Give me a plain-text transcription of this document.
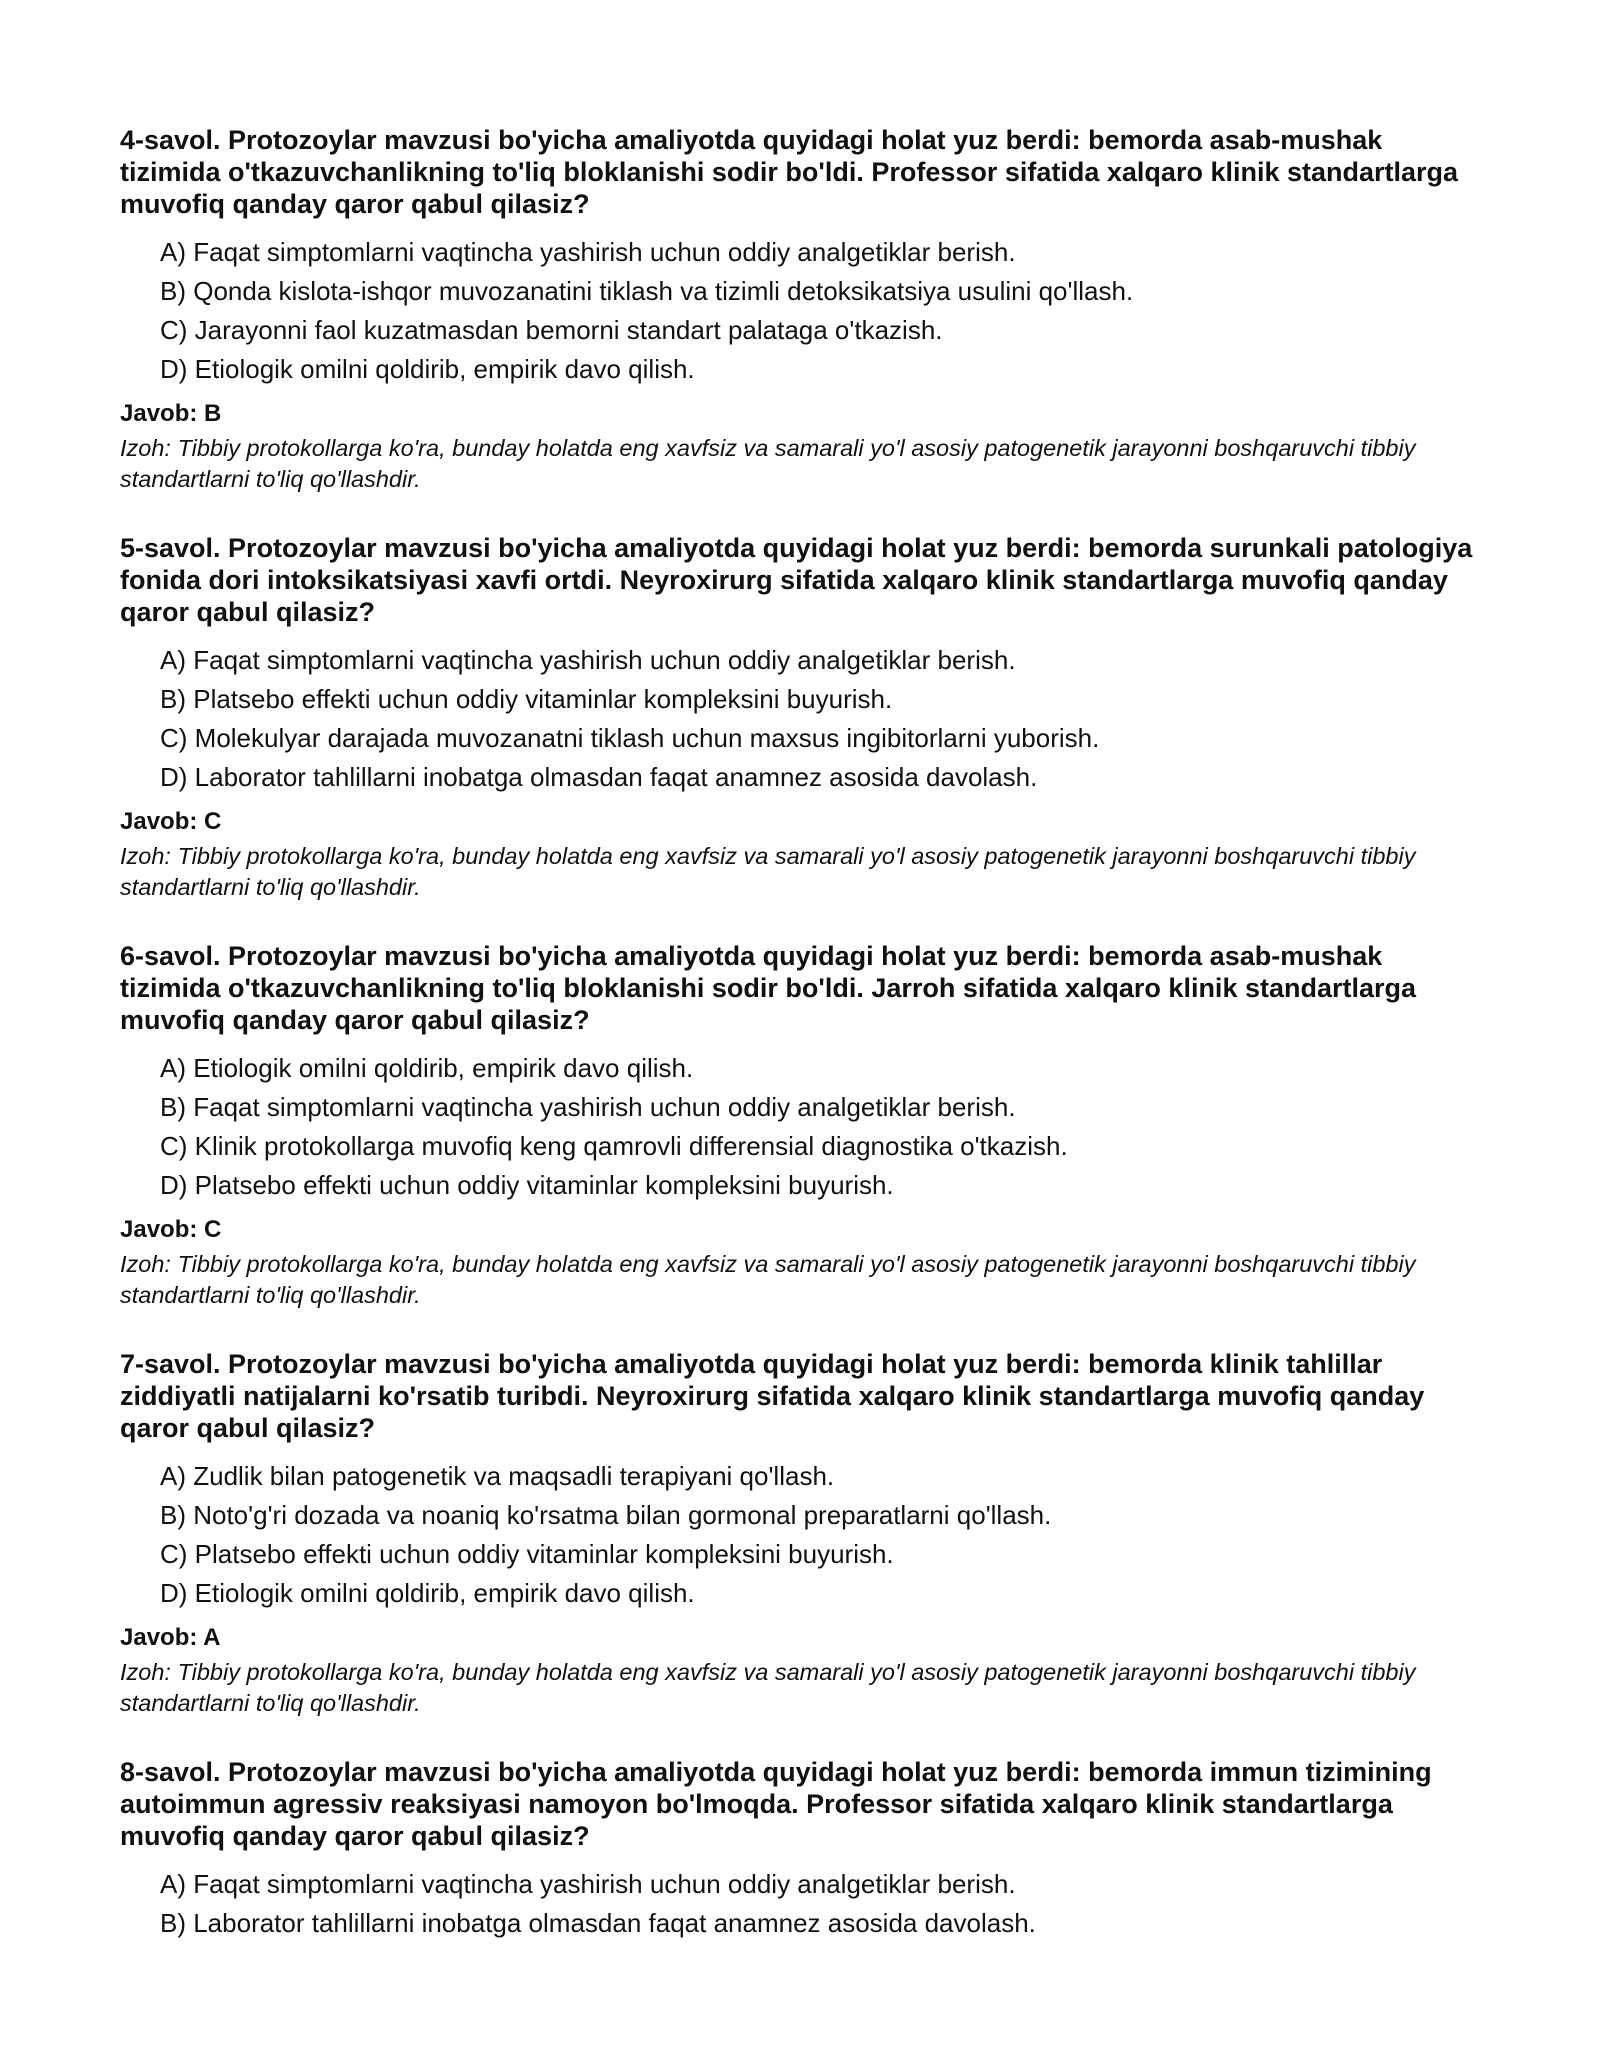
4-savol. Protozoylar mavzusi bo'yicha amaliyotda quyidagi holat yuz berdi: bemorda asab-mushak tizimida o'tkazuvchanlikning to'liq bloklanishi sodir bo'ldi. Professor sifatida xalqaro klinik standartlarga muvofiq qanday qaror qabul qilasiz?

A) Faqat simptomlarni vaqtincha yashirish uchun oddiy analgetiklar berish.
B) Qonda kislota-ishqor muvozanatini tiklash va tizimli detoksikatsiya usulini qo'llash.
C) Jarayonni faol kuzatmasdan bemorni standart palataga o'tkazish.
D) Etiologik omilni qoldirib, empirik davo qilish.

Javob: B

Izoh: Tibbiy protokollarga ko'ra, bunday holatda eng xavfsiz va samarali yo'l asosiy patogenetik jarayonni boshqaruvchi tibbiy standartlarni to'liq qo'llashdir.

5-savol. Protozoylar mavzusi bo'yicha amaliyotda quyidagi holat yuz berdi: bemorda surunkali patologiya fonida dori intoksikatsiyasi xavfi ortdi. Neyroxirurg sifatida xalqaro klinik standartlarga muvofiq qanday qaror qabul qilasiz?

A) Faqat simptomlarni vaqtincha yashirish uchun oddiy analgetiklar berish.
B) Platsebo effekti uchun oddiy vitaminlar kompleksini buyurish.
C) Molekulyar darajada muvozanatni tiklash uchun maxsus ingibitorlarni yuborish.
D) Laborator tahlillarni inobatga olmasdan faqat anamnez asosida davolash.

Javob: C

Izoh: Tibbiy protokollarga ko'ra, bunday holatda eng xavfsiz va samarali yo'l asosiy patogenetik jarayonni boshqaruvchi tibbiy standartlarni to'liq qo'llashdir.

6-savol. Protozoylar mavzusi bo'yicha amaliyotda quyidagi holat yuz berdi: bemorda asab-mushak tizimida o'tkazuvchanlikning to'liq bloklanishi sodir bo'ldi. Jarroh sifatida xalqaro klinik standartlarga muvofiq qanday qaror qabul qilasiz?

A) Etiologik omilni qoldirib, empirik davo qilish.
B) Faqat simptomlarni vaqtincha yashirish uchun oddiy analgetiklar berish.
C) Klinik protokollarga muvofiq keng qamrovli differensial diagnostika o'tkazish.
D) Platsebo effekti uchun oddiy vitaminlar kompleksini buyurish.

Javob: C

Izoh: Tibbiy protokollarga ko'ra, bunday holatda eng xavfsiz va samarali yo'l asosiy patogenetik jarayonni boshqaruvchi tibbiy standartlarni to'liq qo'llashdir.

7-savol. Protozoylar mavzusi bo'yicha amaliyotda quyidagi holat yuz berdi: bemorda klinik tahlillar ziddiyatli natijalarni ko'rsatib turibdi. Neyroxirurg sifatida xalqaro klinik standartlarga muvofiq qanday qaror qabul qilasiz?

A) Zudlik bilan patogenetik va maqsadli terapiyani qo'llash.
B) Noto'g'ri dozada va noaniq ko'rsatma bilan gormonal preparatlarni qo'llash.
C) Platsebo effekti uchun oddiy vitaminlar kompleksini buyurish.
D) Etiologik omilni qoldirib, empirik davo qilish.

Javob: A

Izoh: Tibbiy protokollarga ko'ra, bunday holatda eng xavfsiz va samarali yo'l asosiy patogenetik jarayonni boshqaruvchi tibbiy standartlarni to'liq qo'llashdir.

8-savol. Protozoylar mavzusi bo'yicha amaliyotda quyidagi holat yuz berdi: bemorda immun tizimining autoimmun agressiv reaksiyasi namoyon bo'lmoqda. Professor sifatida xalqaro klinik standartlarga muvofiq qanday qaror qabul qilasiz?

A) Faqat simptomlarni vaqtincha yashirish uchun oddiy analgetiklar berish.
B) Laborator tahlillarni inobatga olmasdan faqat anamnez asosida davolash.
